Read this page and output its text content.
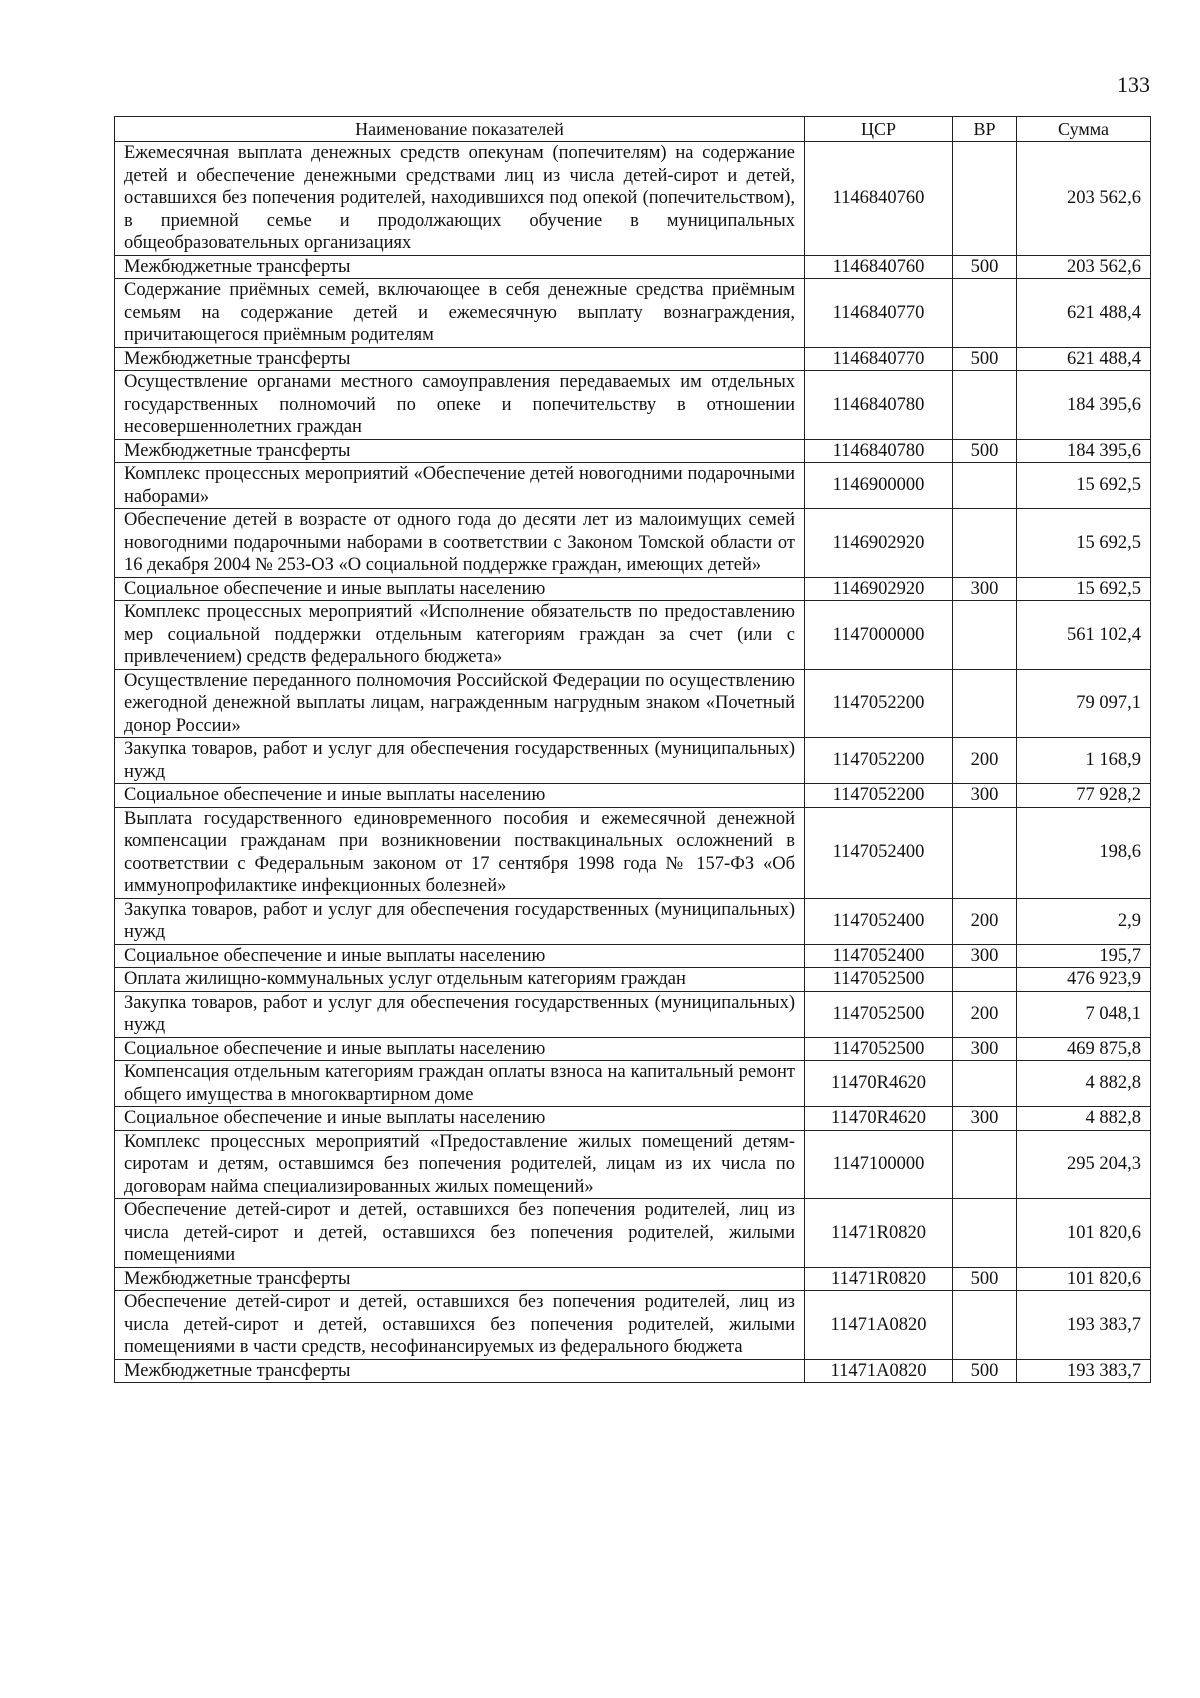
133
Наименование показателей	ЦСР	ВР	Сумма
Ежемесячная выплата денежных средств опекунам (попечителям) на содержание детей и обеспечение денежными средствами лиц из числа детей-сирот и детей, оставшихся без попечения родителей, находившихся под опекой (попечительством), в приемной семье и продолжающих обучение в муниципальных общеобразовательных организациях	1146840760		203 562,6
Межбюджетные трансферты	1146840760	500	203 562,6
Содержание приёмных семей, включающее в себя денежные средства приёмным семьям на содержание детей и ежемесячную выплату вознаграждения, причитающегося приёмным родителям	1146840770		621 488,4
Межбюджетные трансферты	1146840770	500	621 488,4
Осуществление органами местного самоуправления передаваемых им отдельных государственных полномочий по опеке и попечительству в отношении несовершеннолетних граждан	1146840780		184 395,6
Межбюджетные трансферты	1146840780	500	184 395,6
Комплекс процессных мероприятий «Обеспечение детей новогодними подарочными наборами»	1146900000		15 692,5
Обеспечение детей в возрасте от одного года до десяти лет из малоимущих семей новогодними подарочными наборами в соответствии с Законом Томской области от 16 декабря 2004 № 253-ОЗ «О социальной поддержке граждан, имеющих детей»	1146902920		15 692,5
Социальное обеспечение и иные выплаты населению	1146902920	300	15 692,5
Комплекс процессных мероприятий «Исполнение обязательств по предоставлению мер социальной поддержки отдельным категориям граждан за счет (или с привлечением) средств федерального бюджета»	1147000000		561 102,4
Осуществление переданного полномочия Российской Федерации по осуществлению ежегодной денежной выплаты лицам, награжденным нагрудным знаком «Почетный донор России»	1147052200		79 097,1
Закупка товаров, работ и услуг для обеспечения государственных (муниципальных) нужд	1147052200	200	1 168,9
Социальное обеспечение и иные выплаты населению	1147052200	300	77 928,2
Выплата государственного единовременного пособия и ежемесячной денежной компенсации гражданам при возникновении поствакцинальных осложнений в соответствии с Федеральным законом от 17 сентября 1998 года № 157-ФЗ «Об иммунопрофилактике инфекционных болезней»	1147052400		198,6
Закупка товаров, работ и услуг для обеспечения государственных (муниципальных) нужд	1147052400	200	2,9
Социальное обеспечение и иные выплаты населению	1147052400	300	195,7
Оплата жилищно-коммунальных услуг отдельным категориям граждан	1147052500		476 923,9
Закупка товаров, работ и услуг для обеспечения государственных (муниципальных) нужд	1147052500	200	7 048,1
Социальное обеспечение и иные выплаты населению	1147052500	300	469 875,8
Компенсация отдельным категориям граждан оплаты взноса на капитальный ремонт общего имущества в многоквартирном доме	11470R4620		4 882,8
Социальное обеспечение и иные выплаты населению	11470R4620	300	4 882,8
Комплекс процессных мероприятий «Предоставление жилых помещений детям-сиротам и детям, оставшимся без попечения родителей, лицам из их числа по договорам найма специализированных жилых помещений»	1147100000		295 204,3
Обеспечение детей-сирот и детей, оставшихся без попечения родителей, лиц из числа детей-сирот и детей, оставшихся без попечения родителей, жилыми помещениями	11471R0820		101 820,6
Межбюджетные трансферты	11471R0820	500	101 820,6
Обеспечение детей-сирот и детей, оставшихся без попечения родителей, лиц из числа детей-сирот и детей, оставшихся без попечения родителей, жилыми помещениями в части средств, несофинансируемых из федерального бюджета	11471A0820		193 383,7
Межбюджетные трансферты	11471A0820	500	193 383,7
